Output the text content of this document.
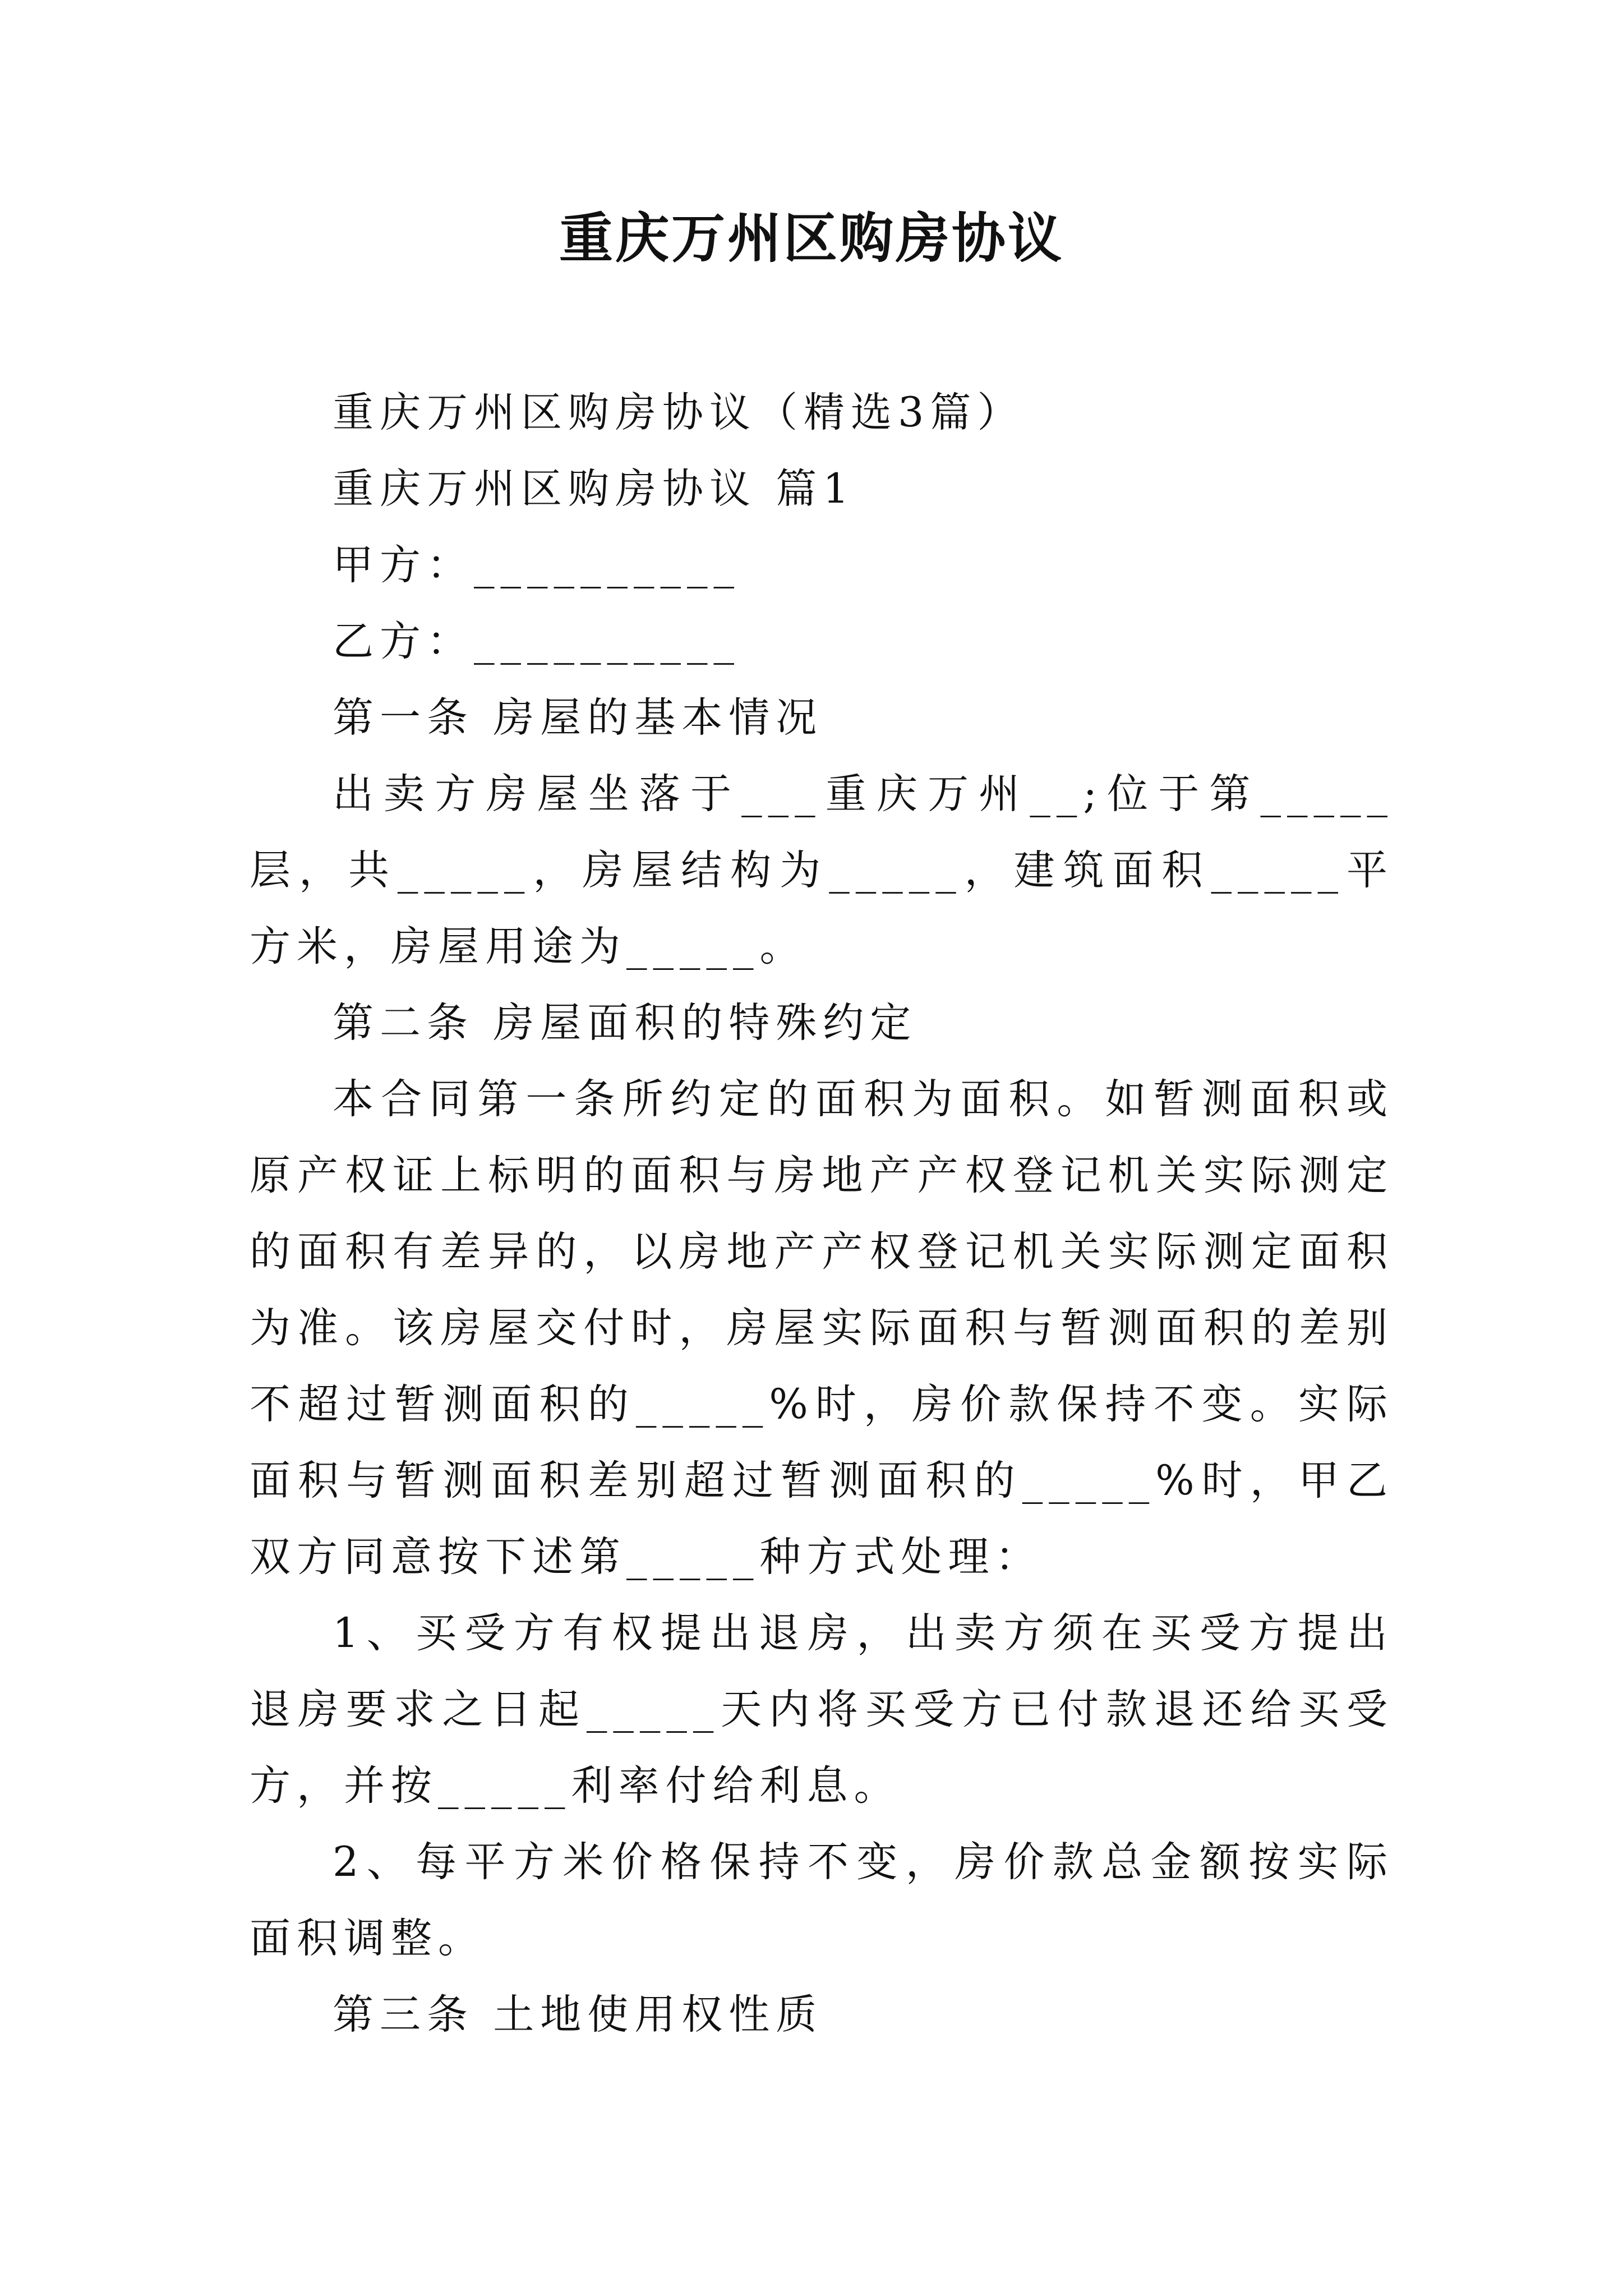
重庆万州区购房协议

重庆万州区购房协议（精选3篇）

重庆万州区购房协议 篇1

甲方：__________

乙方：__________

第一条 房屋的基本情况

出卖方房屋坐落于___重庆万州__;位于第_____层，共_____，房屋结构为_____，建筑面积_____平方米，房屋用途为_____。

第二条 房屋面积的特殊约定

本合同第一条所约定的面积为面积。如暂测面积或原产权证上标明的面积与房地产产权登记机关实际测定的面积有差异的，以房地产产权登记机关实际测定面积为准。该房屋交付时，房屋实际面积与暂测面积的差别不超过暂测面积的_____%时，房价款保持不变。实际面积与暂测面积差别超过暂测面积的_____%时，甲乙双方同意按下述第_____种方式处理：

1、买受方有权提出退房，出卖方须在买受方提出退房要求之日起_____天内将买受方已付款退还给买受方，并按_____利率付给利息。

2、每平方米价格保持不变，房价款总金额按实际面积调整。

第三条 土地使用权性质
